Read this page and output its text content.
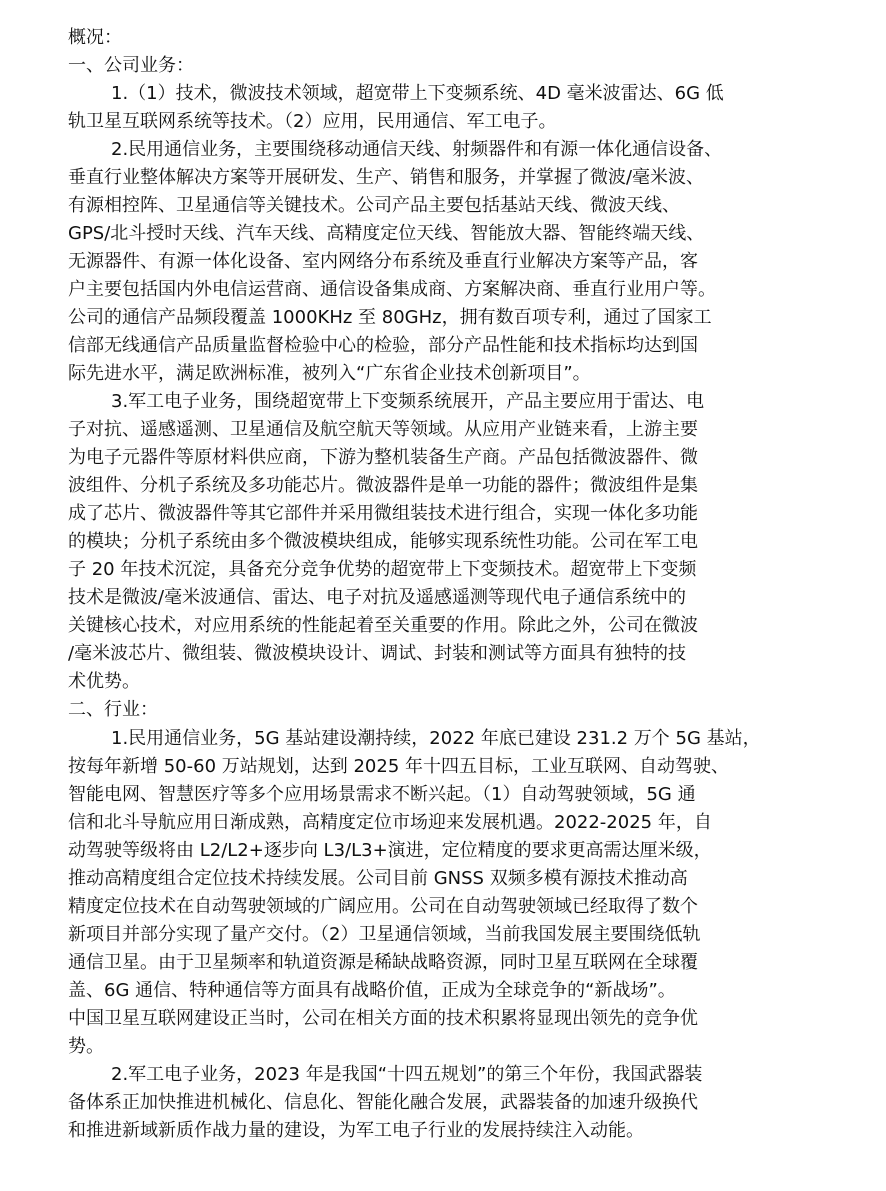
概况：
一、公司业务：
1.（1）技术，微波技术领域，超宽带上下变频系统、4D 毫米波雷达、6G 低
轨卫星互联网系统等技术。（2）应用，民用通信、军工电子。
2.民用通信业务，主要围绕移动通信天线、射频器件和有源一体化通信设备、
垂直行业整体解决方案等开展研发、生产、销售和服务，并掌握了微波/毫米波、
有源相控阵、卫星通信等关键技术。公司产品主要包括基站天线、微波天线、
GPS/北斗授时天线、汽车天线、高精度定位天线、智能放大器、智能终端天线、
无源器件、有源一体化设备、室内网络分布系统及垂直行业解决方案等产品，客
户主要包括国内外电信运营商、通信设备集成商、方案解决商、垂直行业用户等。
公司的通信产品频段覆盖 1000KHz 至 80GHz，拥有数百项专利，通过了国家工
信部无线通信产品质量监督检验中心的检验，部分产品性能和技术指标均达到国
际先进水平，满足欧洲标准，被列入“广东省企业技术创新项目”。
3.军工电子业务，围绕超宽带上下变频系统展开，产品主要应用于雷达、电
子对抗、遥感遥测、卫星通信及航空航天等领域。从应用产业链来看，上游主要
为电子元器件等原材料供应商，下游为整机装备生产商。产品包括微波器件、微
波组件、分机子系统及多功能芯片。微波器件是单一功能的器件；微波组件是集
成了芯片、微波器件等其它部件并采用微组装技术进行组合，实现一体化多功能
的模块；分机子系统由多个微波模块组成，能够实现系统性功能。公司在军工电
子 20 年技术沉淀，具备充分竞争优势的超宽带上下变频技术。超宽带上下变频
技术是微波/毫米波通信、雷达、电子对抗及遥感遥测等现代电子通信系统中的
关键核心技术，对应用系统的性能起着至关重要的作用。除此之外，公司在微波
/毫米波芯片、微组装、微波模块设计、调试、封装和测试等方面具有独特的技
术优势。
二、行业：
1.民用通信业务，5G 基站建设潮持续，2022 年底已建设 231.2 万个 5G 基站，
按每年新增 50-60 万站规划，达到 2025 年十四五目标，工业互联网、自动驾驶、
智能电网、智慧医疗等多个应用场景需求不断兴起。（1）自动驾驶领域，5G 通
信和北斗导航应用日渐成熟，高精度定位市场迎来发展机遇。2022-2025 年，自
动驾驶等级将由 L2/L2+逐步向 L3/L3+演进，定位精度的要求更高需达厘米级，
推动高精度组合定位技术持续发展。公司目前 GNSS 双频多模有源技术推动高
精度定位技术在自动驾驶领域的广阔应用。公司在自动驾驶领域已经取得了数个
新项目并部分实现了量产交付。（2）卫星通信领域，当前我国发展主要围绕低轨
通信卫星。由于卫星频率和轨道资源是稀缺战略资源，同时卫星互联网在全球覆
盖、6G 通信、特种通信等方面具有战略价值，正成为全球竞争的“新战场”。
中国卫星互联网建设正当时，公司在相关方面的技术积累将显现出领先的竞争优
势。
2.军工电子业务，2023 年是我国“十四五规划”的第三个年份，我国武器装
备体系正加快推进机械化、信息化、智能化融合发展，武器装备的加速升级换代
和推进新域新质作战力量的建设，为军工电子行业的发展持续注入动能。
